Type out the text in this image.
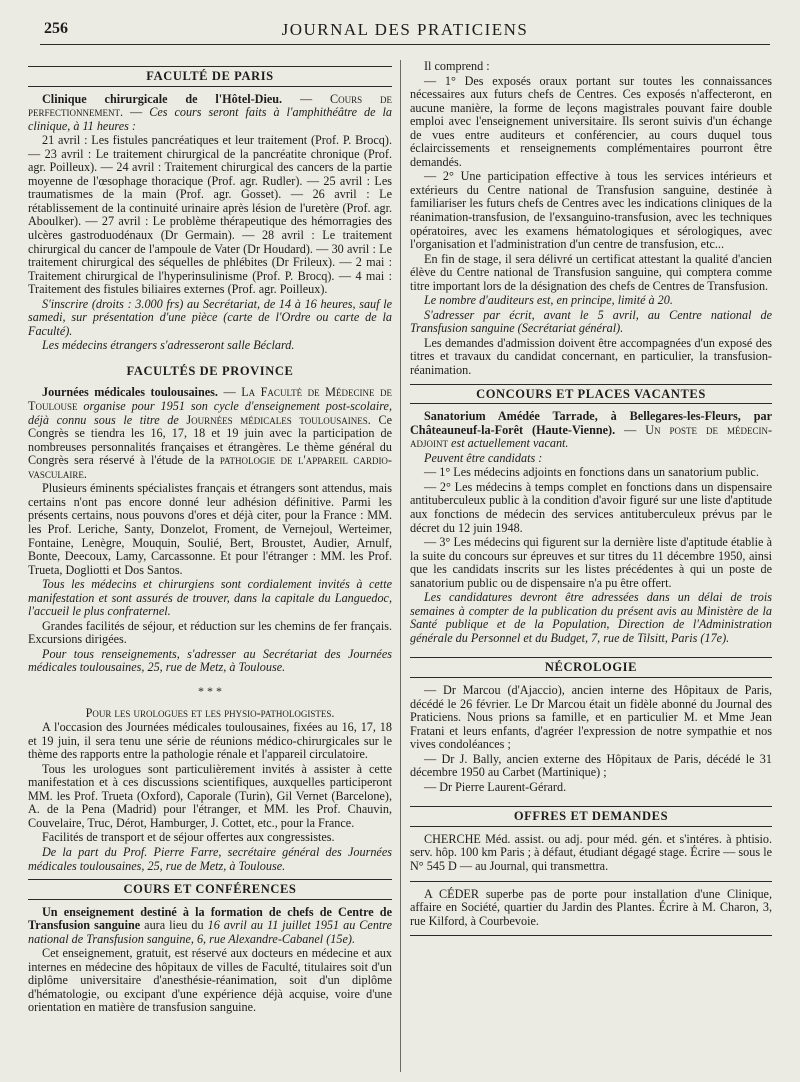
256	JOURNAL DES PRATICIENS
FACULTÉ DE PARIS

Clinique chirurgicale de l'Hôtel-Dieu. — Cours de perfectionnement. — Ces cours seront faits à l'amphithéâtre de la clinique, à 11 heures :

21 avril : Les fistules pancréatiques et leur traitement (Prof. P. Brocq). — 23 avril : Le traitement chirurgical de la pancréatite chronique (Prof. agr. Poilleux). — 24 avril : Traitement chirurgical des cancers de la partie moyenne de l'œsophage thoracique (Prof. agr. Rudler). — 25 avril : Les traumatismes de la main (Prof. agr. Gosset). — 26 avril : Le rétablissement de la continuité urinaire après lésion de l'uretère (Prof. agr. Aboulker). — 27 avril : Le problème thérapeutique des hémorragies des ulcères gastroduodénaux (Dr Germain). — 28 avril : Le traitement chirurgical du cancer de l'ampoule de Vater (Dr Houdard). — 30 avril : Le traitement chirurgical des séquelles de phlébites (Dr Frileux). — 2 mai : Traitement chirurgical de l'hyperinsulinisme (Prof. P. Brocq). — 4 mai : Traitement des fistules biliaires externes (Prof. agr. Poilleux).

S'inscrire (droits : 3.000 frs) au Secrétariat, de 14 à 16 heures, sauf le samedi, sur présentation d'une pièce (carte de l'Ordre ou carte de la Faculté).

Les médecins étrangers s'adresseront salle Béclard.

FACULTÉS DE PROVINCE

Journées médicales toulousaines. — La Faculté de Médecine de Toulouse organise pour 1951 son cycle d'enseignement post-scolaire, déjà connu sous le titre de Journées médicales toulousaines. Ce Congrès se tiendra les 16, 17, 18 et 19 juin avec la participation de nombreuses personnalités françaises et étrangères. Le thème général du Congrès sera réservé à l'étude de la pathologie de l'appareil cardio-vasculaire.

Plusieurs éminents spécialistes français et étrangers sont attendus, mais certains n'ont pas encore donné leur adhésion définitive. Parmi les présents certains, nous pouvons d'ores et déjà citer, pour la France : MM. les Prof. Leriche, Santy, Donzelot, Froment, de Vernejoul, Werteimer, Fontaine, Lenègre, Mouquin, Soulié, Bert, Broustet, Audier, Arnulf, Bonte, Deecoux, Lamy, Carcassonne. Et pour l'étranger : MM. les Prof. Trueta, Dogliotti et Dos Santos.

Tous les médecins et chirurgiens sont cordialement invités à cette manifestation et sont assurés de trouver, dans la capitale du Languedoc, l'accueil le plus confraternel.

Grandes facilités de séjour, et réduction sur les chemins de fer français. Excursions dirigées.

Pour tous renseignements, s'adresser au Secrétariat des Journées médicales toulousaines, 25, rue de Metz, à Toulouse.

* * *

Pour les urologues et les physio-pathologistes.

A l'occasion des Journées médicales toulousaines, fixées au 16, 17, 18 et 19 juin, il sera tenu une série de réunions médico-chirurgicales sur le thème des rapports entre la pathologie rénale et l'appareil circulatoire.

Tous les urologues sont particulièrement invités à assister à cette manifestation et à ces discussions scientifiques, auxquelles participeront MM. les Prof. Trueta (Oxford), Caporale (Turin), Gil Vernet (Barcelone), A. de la Pena (Madrid) pour l'étranger, et MM. les Prof. Chauvin, Couvelaire, Truc, Dérot, Hamburger, J. Cottet, etc., pour la France.

Facilités de transport et de séjour offertes aux congressistes.

De la part du Prof. Pierre Farre, secrétaire général des Journées médicales toulousaines, 25, rue de Metz, à Toulouse.

COURS ET CONFÉRENCES

Un enseignement destiné à la formation de chefs de Centre de Transfusion sanguine aura lieu du 16 avril au 11 juillet 1951 au Centre national de Transfusion sanguine, 6, rue Alexandre-Cabanel (15e).

Cet enseignement, gratuit, est réservé aux docteurs en médecine et aux internes en médecine des hôpitaux de villes de Faculté, titulaires soit d'un diplôme universitaire d'anesthésie-réanimation, soit d'un diplôme d'hématologie, ou excipant d'une expérience déjà acquise, voire d'une orientation en matière de transfusion sanguine.

Il comprend :

— 1° Des exposés oraux portant sur toutes les connaissances nécessaires aux futurs chefs de Centres. Ces exposés n'affecteront, en aucune manière, la forme de leçons magistrales pouvant faire double emploi avec l'enseignement universitaire. Ils seront suivis d'un échange de vues entre auditeurs et conférencier, au cours duquel tous éclaircissements et renseignements complémentaires pourront être demandés.

— 2° Une participation effective à tous les services intérieurs et extérieurs du Centre national de Transfusion sanguine, destinée à familiariser les futurs chefs de Centres avec les indications cliniques de la réanimation-transfusion, de l'exsanguino-transfusion, avec les techniques opératoires, avec les examens hématologiques et sérologiques, avec l'organisation et l'administration d'un centre de transfusion, etc...

En fin de stage, il sera délivré un certificat attestant la qualité d'ancien élève du Centre national de Transfusion sanguine, qui comptera comme titre important lors de la désignation des chefs de Centres de Transfusion.

Le nombre d'auditeurs est, en principe, limité à 20.

S'adresser par écrit, avant le 5 avril, au Centre national de Transfusion sanguine (Secrétariat général).

Les demandes d'admission doivent être accompagnées d'un exposé des titres et travaux du candidat concernant, en particulier, la transfusion-réanimation.

CONCOURS ET PLACES VACANTES

Sanatorium Amédée Tarrade, à Bellegares-les-Fleurs, par Châteauneuf-la-Forêt (Haute-Vienne). — Un poste de médecin-adjoint est actuellement vacant.

Peuvent être candidats :

— 1° Les médecins adjoints en fonctions dans un sanatorium public.

— 2° Les médecins à temps complet en fonctions dans un dispensaire antituberculeux public à la condition d'avoir figuré sur une liste d'aptitude aux fonctions de médecin des services antituberculeux prévus par le décret du 12 juin 1948.

— 3° Les médecins qui figurent sur la dernière liste d'aptitude établie à la suite du concours sur épreuves et sur titres du 11 décembre 1950, ainsi que les candidats inscrits sur les listes précédentes à qui un poste de sanatorium public ou de dispensaire n'a pu être offert.

Les candidatures devront être adressées dans un délai de trois semaines à compter de la publication du présent avis au Ministère de la Santé publique et de la Population, Direction de l'Administration générale du Personnel et du Budget, 7, rue de Tilsitt, Paris (17e).

NÉCROLOGIE

— Dr Marcou (d'Ajaccio), ancien interne des Hôpitaux de Paris, décédé le 26 février. Le Dr Marcou était un fidèle abonné du Journal des Praticiens. Nous prions sa famille, et en particulier M. et Mme Jean Fratani et leurs enfants, d'agréer l'expression de notre sympathie et nos vives condoléances ;

— Dr J. Bally, ancien externe des Hôpitaux de Paris, décédé le 31 décembre 1950 au Carbet (Martinique) ;

— Dr Pierre Laurent-Gérard.

OFFRES ET DEMANDES

CHERCHE Méd. assist. ou adj. pour méd. gén. et s'intéres. à phtisio. serv. hôp. 100 km Paris ; à défaut, étudiant dégagé stage. Écrire — sous le N° 545 D — au Journal, qui transmettra.

A CÉDER superbe pas de porte pour installation d'une Clinique, affaire en Société, quartier du Jardin des Plantes. Écrire à M. Charon, 3, rue Kilford, à Courbevoie.
